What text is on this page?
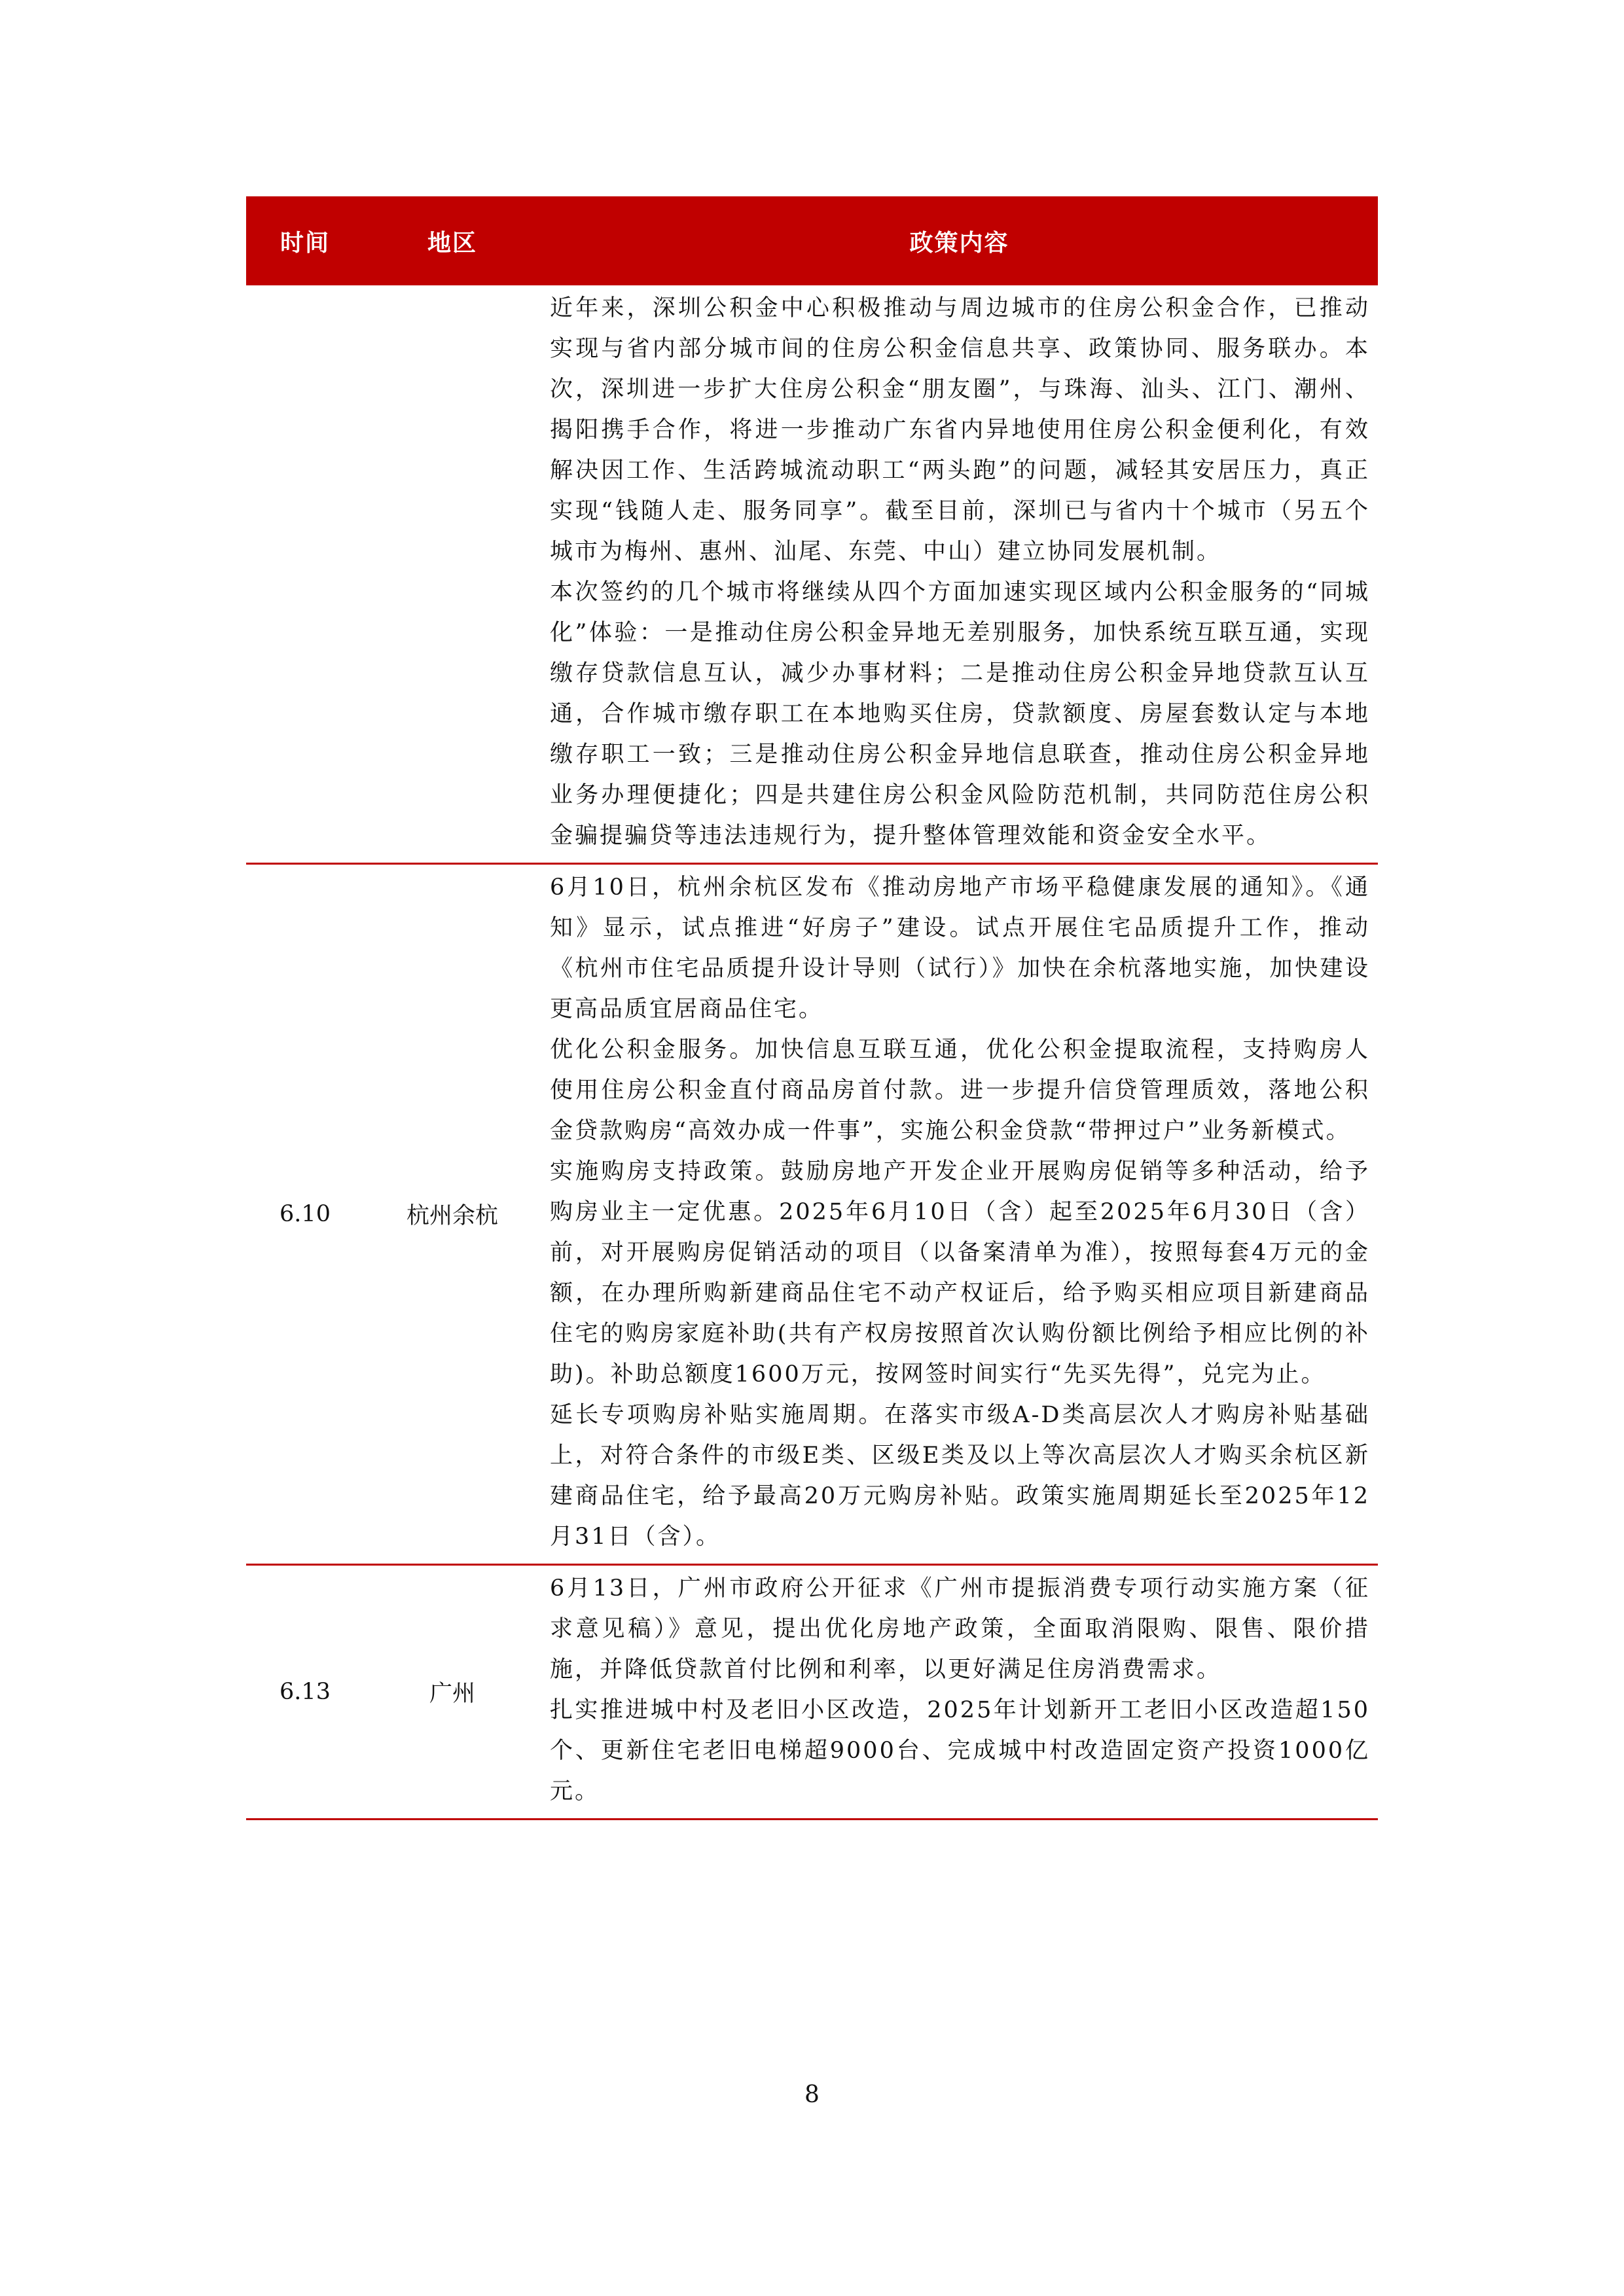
时间	地区	政策内容

		近年来，深圳公积金中心积极推动与周边城市的住房公积金合作，已推动实现与省内部分城市间的住房公积金信息共享、政策协同、服务联办。本次，深圳进一步扩大住房公积金“朋友圈”，与珠海、汕头、江门、潮州、揭阳携手合作，将进一步推动广东省内异地使用住房公积金便利化，有效解决因工作、生活跨城流动职工“两头跑”的问题，减轻其安居压力，真正实现“钱随人走、服务同享”。截至目前，深圳已与省内十个城市（另五个城市为梅州、惠州、汕尾、东莞、中山）建立协同发展机制。

本次签约的几个城市将继续从四个方面加速实现区域内公积金服务的“同城化”体验：一是推动住房公积金异地无差别服务，加快系统互联互通，实现缴存贷款信息互认，减少办事材料；二是推动住房公积金异地贷款互认互通，合作城市缴存职工在本地购买住房，贷款额度、房屋套数认定与本地缴存职工一致；三是推动住房公积金异地信息联查，推动住房公积金异地业务办理便捷化；四是共建住房公积金风险防范机制，共同防范住房公积金骗提骗贷等违法违规行为，提升整体管理效能和资金安全水平。

6.10	杭州余杭	6月10日，杭州余杭区发布《推动房地产市场平稳健康发展的通知》。《通知》显示，试点推进“好房子”建设。试点开展住宅品质提升工作，推动《杭州市住宅品质提升设计导则（试行）》加快在余杭落地实施，加快建设更高品质宜居商品住宅。

优化公积金服务。加快信息互联互通，优化公积金提取流程，支持购房人使用住房公积金直付商品房首付款。进一步提升信贷管理质效，落地公积金贷款购房“高效办成一件事”，实施公积金贷款“带押过户”业务新模式。

实施购房支持政策。鼓励房地产开发企业开展购房促销等多种活动，给予购房业主一定优惠。2025年6月10日（含）起至2025年6月30日（含）前，对开展购房促销活动的项目（以备案清单为准），按照每套4万元的金额，在办理所购新建商品住宅不动产权证后，给予购买相应项目新建商品住宅的购房家庭补助(共有产权房按照首次认购份额比例给予相应比例的补助)。补助总额度1600万元，按网签时间实行“先买先得”，兑完为止。

延长专项购房补贴实施周期。在落实市级A-D类高层次人才购房补贴基础上，对符合条件的市级E类、区级E类及以上等次高层次人才购买余杭区新建商品住宅，给予最高20万元购房补贴。政策实施周期延长至2025年12月31日（含）。

6.13	广州	6月13日，广州市政府公开征求《广州市提振消费专项行动实施方案（征求意见稿）》意见，提出优化房地产政策，全面取消限购、限售、限价措施，并降低贷款首付比例和利率，以更好满足住房消费需求。

扎实推进城中村及老旧小区改造，2025年计划新开工老旧小区改造超150个、更新住宅老旧电梯超9000台、完成城中村改造固定资产投资1000亿元。

8
